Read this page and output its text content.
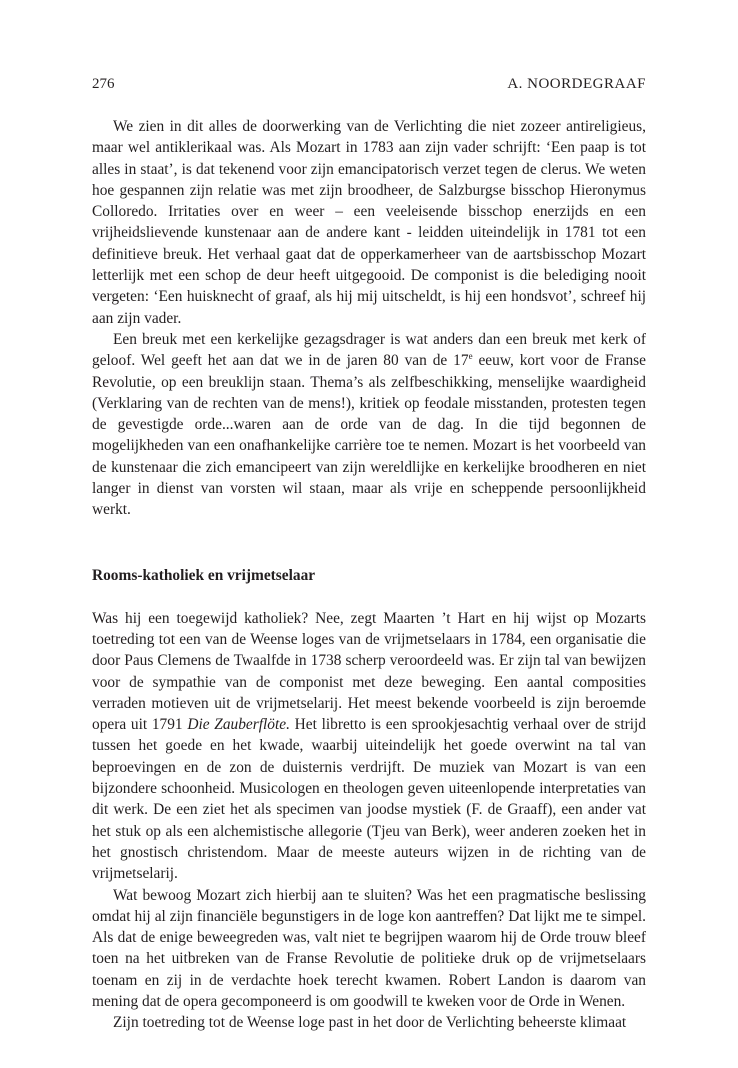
276	A. NOORDEGRAAF

We zien in dit alles de doorwerking van de Verlichting die niet zozeer antireligieus, maar wel antiklerikaal was. Als Mozart in 1783 aan zijn vader schrijft: ‘Een paap is tot alles in staat’, is dat tekenend voor zijn emancipatorisch verzet tegen de clerus. We weten hoe gespannen zijn relatie was met zijn broodheer, de Salzburgse bisschop Hieronymus Colloredo. Irritaties over en weer – een veeleisende bisschop enerzijds en een vrijheidslievende kunstenaar aan de andere kant - leidden uiteindelijk in 1781 tot een definitieve breuk. Het verhaal gaat dat de opperkamerheer van de aartsbisschop Mozart letterlijk met een schop de deur heeft uitgegooid. De componist is die belediging nooit vergeten: ‘Een huisknecht of graaf, als hij mij uitscheldt, is hij een hondsvot’, schreef hij aan zijn vader.

Een breuk met een kerkelijke gezagsdrager is wat anders dan een breuk met kerk of geloof. Wel geeft het aan dat we in de jaren 80 van de 17e eeuw, kort voor de Franse Revolutie, op een breuklijn staan. Thema’s als zelfbeschikking, menselijke waardigheid (Verklaring van de rechten van de mens!), kritiek op feodale misstanden, protesten tegen de gevestigde orde...waren aan de orde van de dag. In die tijd begonnen de mogelijkheden van een onafhankelijke carrière toe te nemen. Mozart is het voorbeeld van de kunstenaar die zich emancipeert van zijn wereldlijke en kerkelijke broodheren en niet langer in dienst van vorsten wil staan, maar als vrije en scheppende persoonlijkheid werkt.

Rooms-katholiek en vrijmetselaar

Was hij een toegewijd katholiek? Nee, zegt Maarten ’t Hart en hij wijst op Mozarts toetreding tot een van de Weense loges van de vrijmetselaars in 1784, een organisatie die door Paus Clemens de Twaalfde in 1738 scherp veroordeeld was. Er zijn tal van bewijzen voor de sympathie van de componist met deze beweging. Een aantal composities verraden motieven uit de vrijmetselarij. Het meest bekende voorbeeld is zijn beroemde opera uit 1791 Die Zauberflöte. Het libretto is een sprookjesachtig verhaal over de strijd tussen het goede en het kwade, waarbij uiteindelijk het goede overwint na tal van beproevingen en de zon de duisternis verdrijft. De muziek van Mozart is van een bijzondere schoonheid. Musicologen en theologen geven uiteenlopende interpretaties van dit werk. De een ziet het als specimen van joodse mystiek (F. de Graaff), een ander vat het stuk op als een alchemistische allegorie (Tjeu van Berk), weer anderen zoeken het in het gnostisch christendom. Maar de meeste auteurs wijzen in de richting van de vrijmetselarij.

Wat bewoog Mozart zich hierbij aan te sluiten? Was het een pragmatische beslissing omdat hij al zijn financiële begunstigers in de loge kon aantreffen? Dat lijkt me te simpel. Als dat de enige beweegreden was, valt niet te begrijpen waarom hij de Orde trouw bleef toen na het uitbreken van de Franse Revolutie de politieke druk op de vrijmetselaars toenam en zij in de verdachte hoek terecht kwamen. Robert Landon is daarom van mening dat de opera gecomponeerd is om goodwill te kweken voor de Orde in Wenen.

Zijn toetreding tot de Weense loge past in het door de Verlichting beheerste klimaat
